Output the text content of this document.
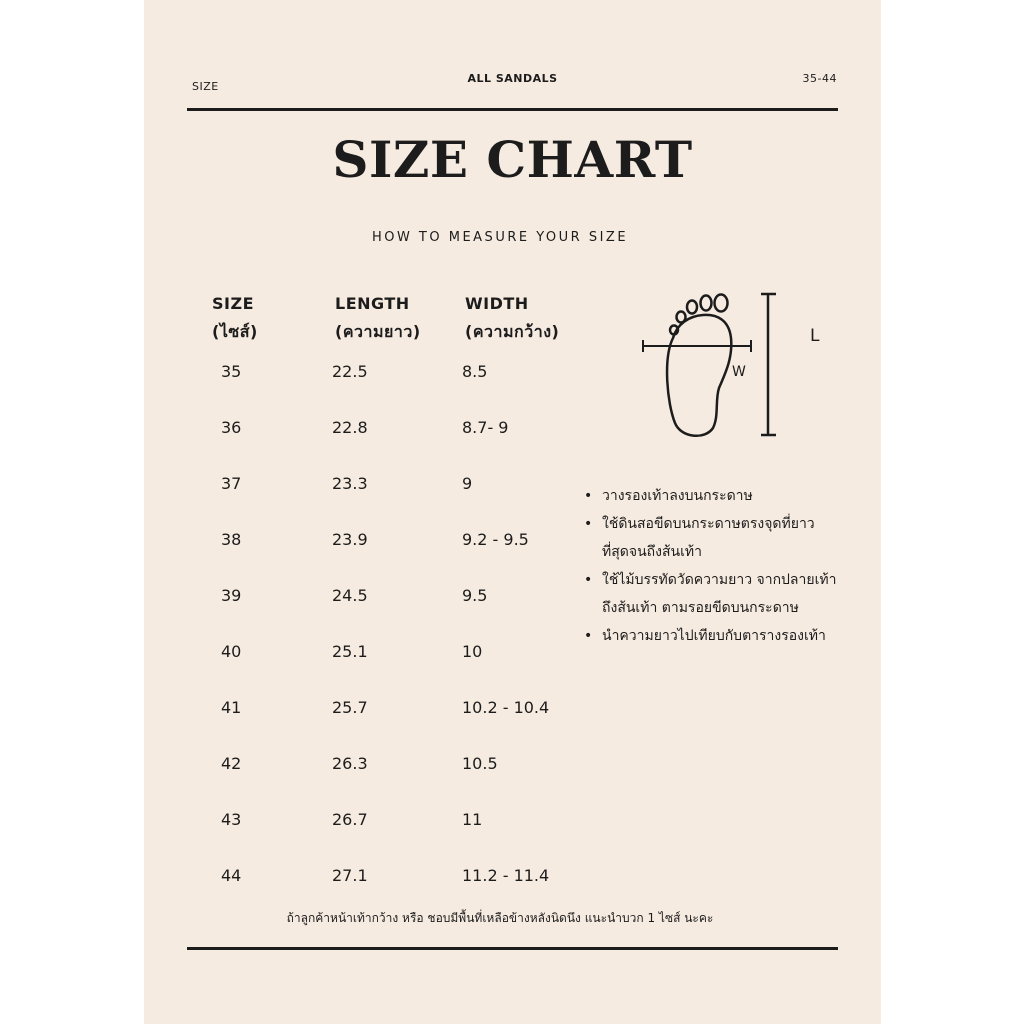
SIZE
ALL SANDALS	35-44
SIZE CHART
HOW TO MEASURE YOUR SIZE
SIZE
(ไซส์)
LENGTH
(ความยาว)
WIDTH
(ความกว้าง)
35	22.5	8.5
36	22.8	8.7- 9
37	23.3	9
38	23.9	9.2 - 9.5
39	24.5	9.5
40	25.1	10
41	25.7	10.2 - 10.4
42	26.3	10.5
43	26.7	11
44	27.1	11.2 - 11.4
L
W
• วางรองเท้าลงบนกระดาษ
• ใช้ดินสอขีดบนกระดาษตรงจุดที่ยาว ที่สุดจนถึงส้นเท้า
• ใช้ไม้บรรทัดวัดความยาว จากปลายเท้า ถึงส้นเท้า ตามรอยขีดบนกระดาษ
• นำความยาวไปเทียบกับตารางรองเท้า
ถ้าลูกค้าหน้าเท้ากว้าง หรือ ชอบมีพื้นที่เหลือข้างหลังนิดนึง แนะนำบวก 1 ไซส์ นะคะ
